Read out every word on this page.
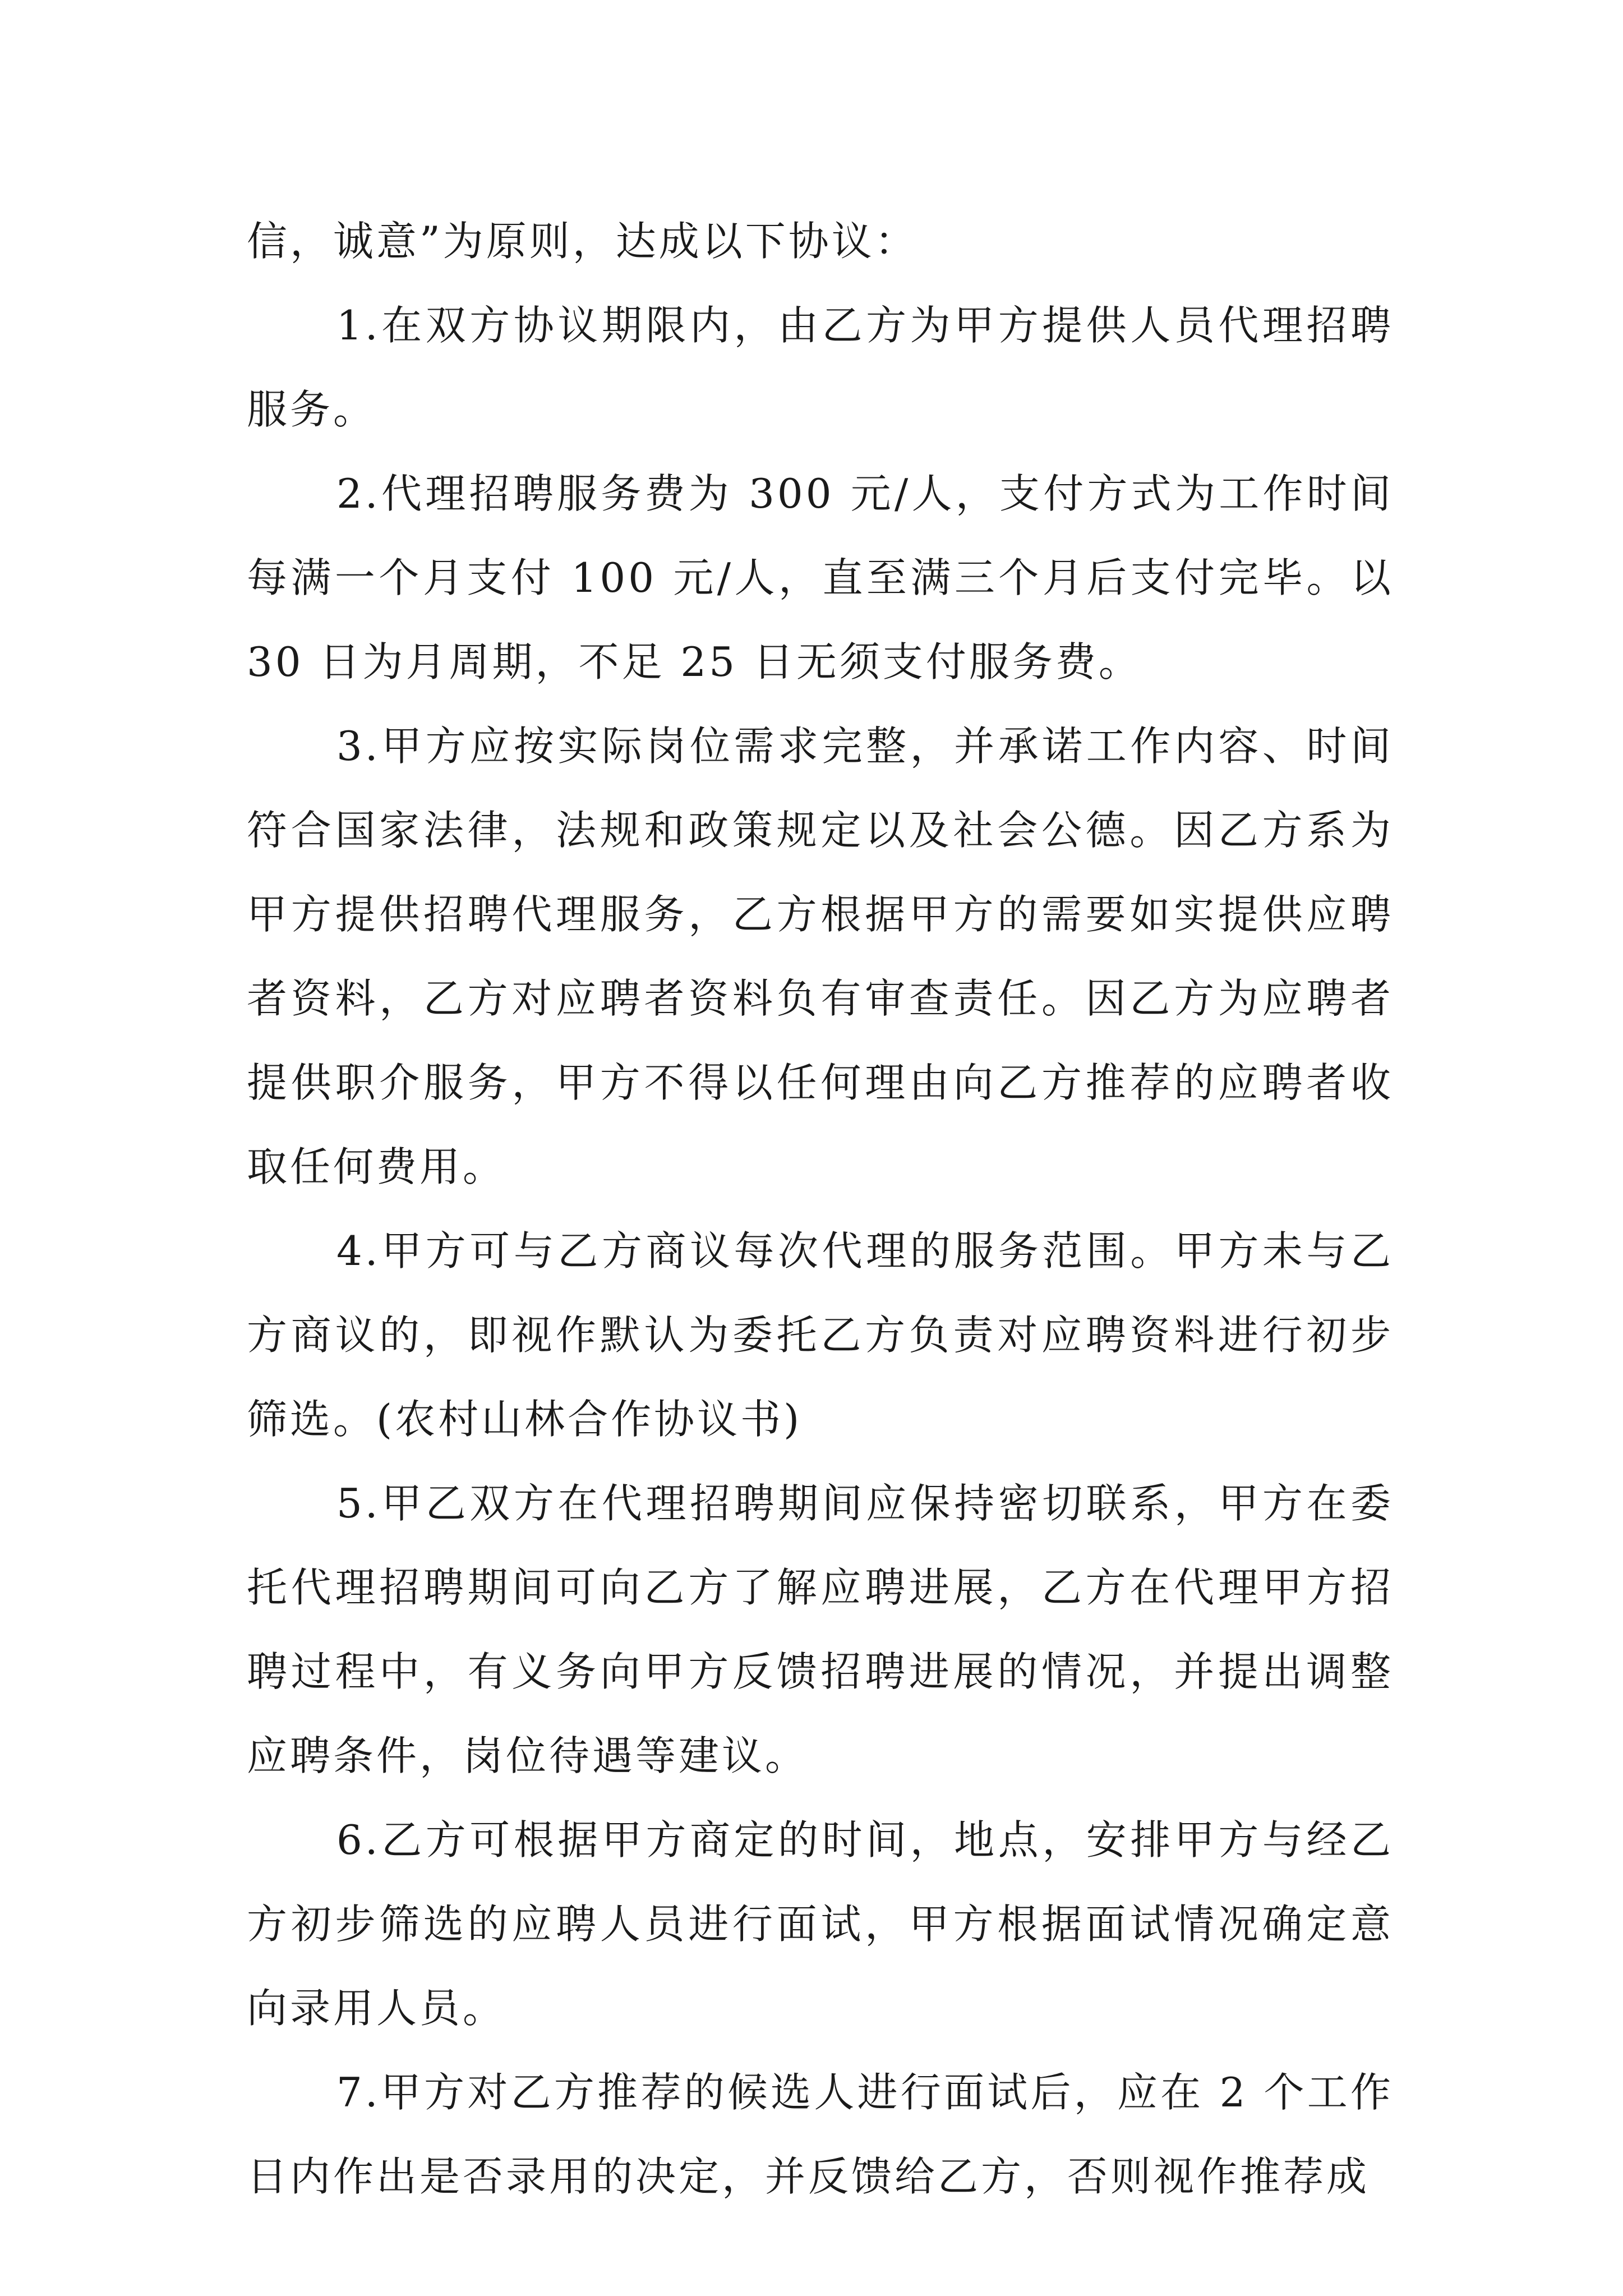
信，诚意”为原则，达成以下协议：

1.在双方协议期限内，由乙方为甲方提供人员代理招聘服务。

2.代理招聘服务费为 300 元/人，支付方式为工作时间每满一个月支付 100 元/人，直至满三个月后支付完毕。以 30 日为月周期，不足 25 日无须支付服务费。

3.甲方应按实际岗位需求完整，并承诺工作内容、时间符合国家法律，法规和政策规定以及社会公德。因乙方系为甲方提供招聘代理服务，乙方根据甲方的需要如实提供应聘者资料，乙方对应聘者资料负有审查责任。因乙方为应聘者提供职介服务，甲方不得以任何理由向乙方推荐的应聘者收取任何费用。

4.甲方可与乙方商议每次代理的服务范围。甲方未与乙方商议的，即视作默认为委托乙方负责对应聘资料进行初步筛选。(农村山林合作协议书)

5.甲乙双方在代理招聘期间应保持密切联系，甲方在委托代理招聘期间可向乙方了解应聘进展，乙方在代理甲方招聘过程中，有义务向甲方反馈招聘进展的情况，并提出调整应聘条件，岗位待遇等建议。

6.乙方可根据甲方商定的时间，地点，安排甲方与经乙方初步筛选的应聘人员进行面试，甲方根据面试情况确定意向录用人员。

7.甲方对乙方推荐的候选人进行面试后，应在 2 个工作日内作出是否录用的决定，并反馈给乙方，否则视作推荐成
